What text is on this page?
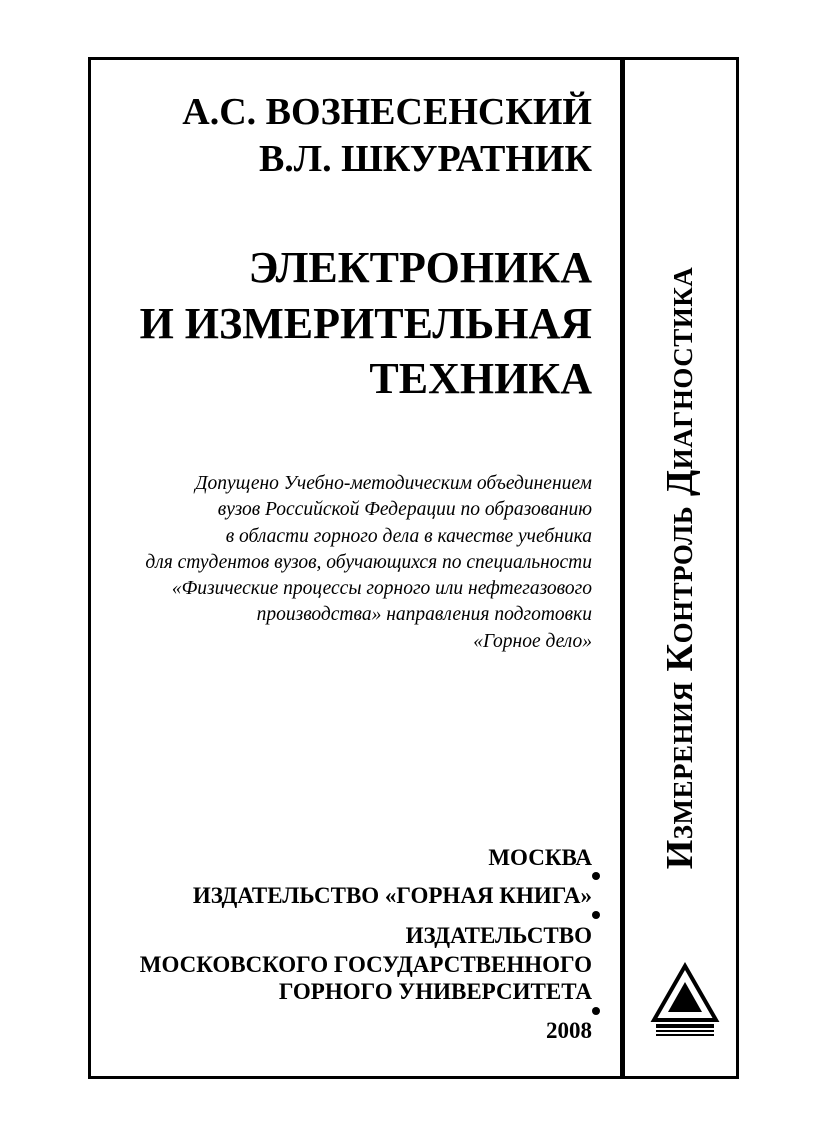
А.С. ВОЗНЕСЕНСКИЙ
В.Л. ШКУРАТНИК
ЭЛЕКТРОНИКА
И ИЗМЕРИТЕЛЬНАЯ
ТЕХНИКА
Допущено Учебно-методическим объединением
вузов Российской Федерации по образованию
в области горного дела в качестве учебника
для студентов вузов, обучающихся по специальности
«Физические процессы горного или нефтегазового
производства» направления подготовки
«Горное дело»
МОСКВА
ИЗДАТЕЛЬСТВО «ГОРНАЯ КНИГА»
ИЗДАТЕЛЬСТВО
МОСКОВСКОГО ГОСУДАРСТВЕННОГО
ГОРНОГО УНИВЕРСИТЕТА
2008
Измерения Контроль Диагностика
